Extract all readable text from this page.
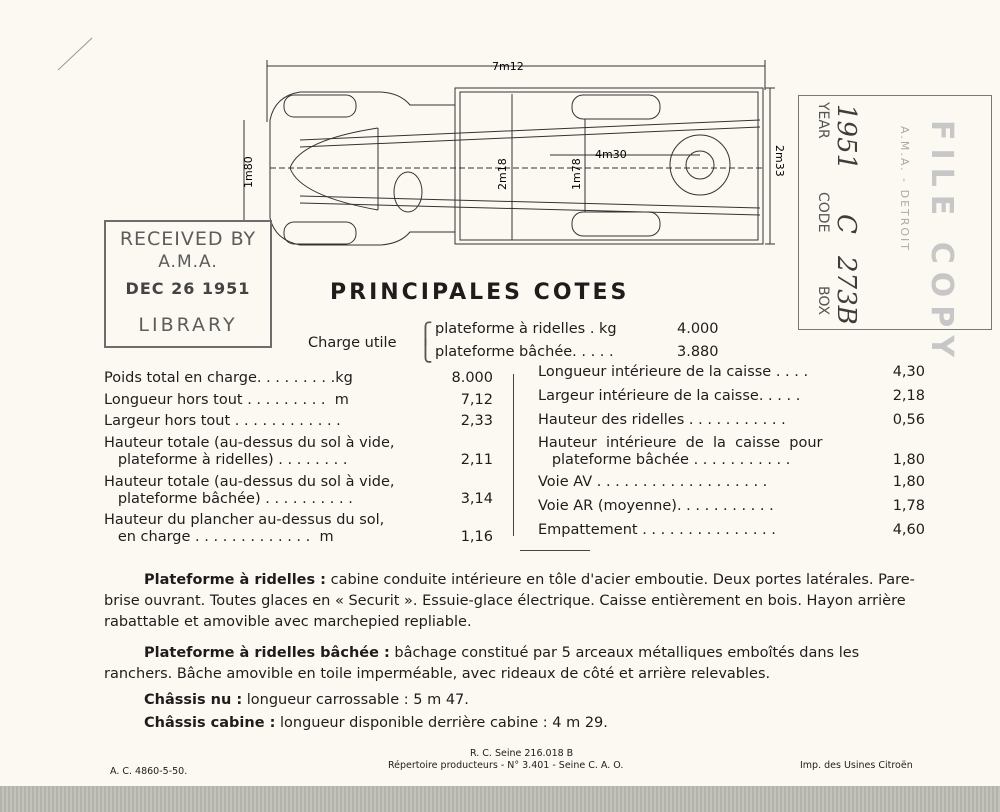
7m12
4m30
2m18	1m78
1m80	2m33
RECEIVED BY
A.M.A.
DEC 26 1951
LIBRARY
YEAR
CODE
BOX
1951
C
273B
A.M.A. - DETROIT FILE COPY
PRINCIPALES COTES
Charge utile ⎧
⎩
plateforme à ridelles . kg	4.000
plateforme bâchée. . . . .	3.880
Poids total en charge. . . . . . . . .kg	8.000
Longueur hors tout . . . . . . . . .  m	7,12
Largeur hors tout . . . . . . . . . . . .	2,33
Hauteur totale (au-dessus du sol à vide,
plateforme à ridelles) . . . . . . . .	2,11
Hauteur totale (au-dessus du sol à vide,
plateforme bâchée) . . . . . . . . . .	3,14
Hauteur du plancher au-dessus du sol,
en charge . . . . . . . . . . . . .  m	1,16
Longueur intérieure de la caisse . . . .	4,30
Largeur intérieure de la caisse. . . . .	2,18
Hauteur des ridelles . . . . . . . . . . .	0,56
Hauteur  intérieure  de  la  caisse  pour
plateforme bâchée . . . . . . . . . . .	1,80
Voie AV . . . . . . . . . . . . . . . . . . .	1,80
Voie AR (moyenne). . . . . . . . . . .	1,78
Empattement . . . . . . . . . . . . . . .	4,60
Plateforme à ridelles : cabine conduite intérieure en tôle d'acier emboutie. Deux portes latérales. Pare-brise ouvrant. Toutes glaces en « Securit ». Essuie-glace électrique. Caisse entièrement en bois. Hayon arrière rabattable et amovible avec marchepied repliable.
Plateforme à ridelles bâchée : bâchage constitué par 5 arceaux métalliques emboîtés dans les ranchers. Bâche amovible en toile imperméable, avec rideaux de côté et arrière relevables.
Châssis nu : longueur carrossable : 5 m 47.
Châssis cabine : longueur disponible derrière cabine : 4 m 29.
A. C. 4860-5-50.
R. C. Seine 216.018 B
Répertoire producteurs - N° 3.401 - Seine C. A. O.	Imp. des Usines Citroën
